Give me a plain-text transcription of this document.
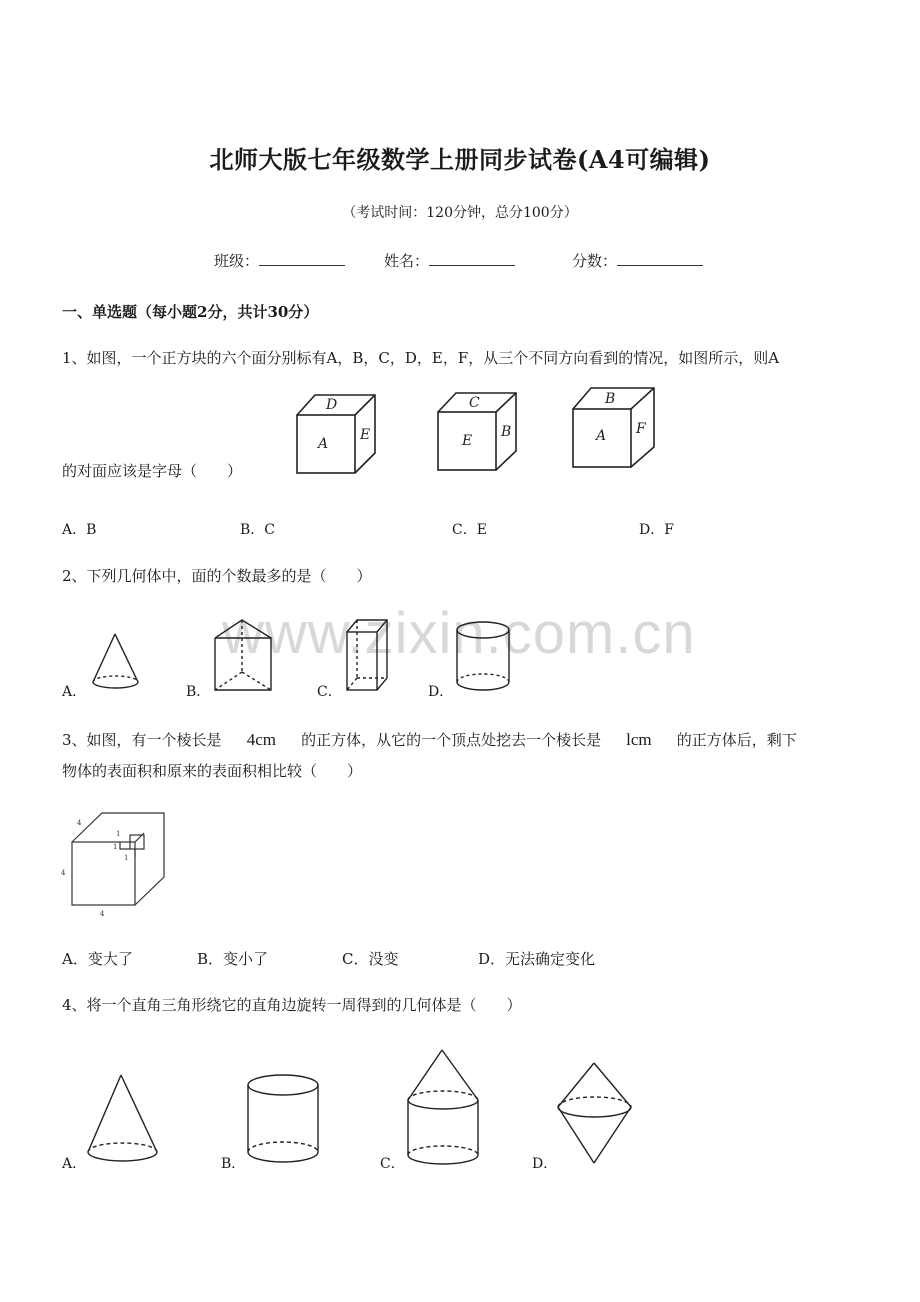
北师大版七年级数学上册同步试卷(A4可编辑)
（考试时间：120分钟，总分100分）
班级：	姓名：	分数：
一、单选题（每小题2分，共计30分）
www.zixin.com.cn
1、如图，一个正方块的六个面分别标有A，B，C，D，E，F，从三个不同方向看到的情况，如图所示，则A
的对面应该是字母（　　）
D
A
E
C
E
B
B
A F
A．B	B．C	C．E	D．F
2、下列几何体中，面的个数最多的是（　　）
A．	B．	C．	D．
3、如图，有一个棱长是 4cm 的正方体，从它的一个顶点处挖去一个棱长是 lcm 的正方体后，剩下
物体的表面积和原来的表面积相比较（　　）
4
4
4
1
1
1
A．变大了	B．变小了	C．没变	D．无法确定变化
4、将一个直角三角形绕它的直角边旋转一周得到的几何体是（　　）
A．	B．	C．	D．
